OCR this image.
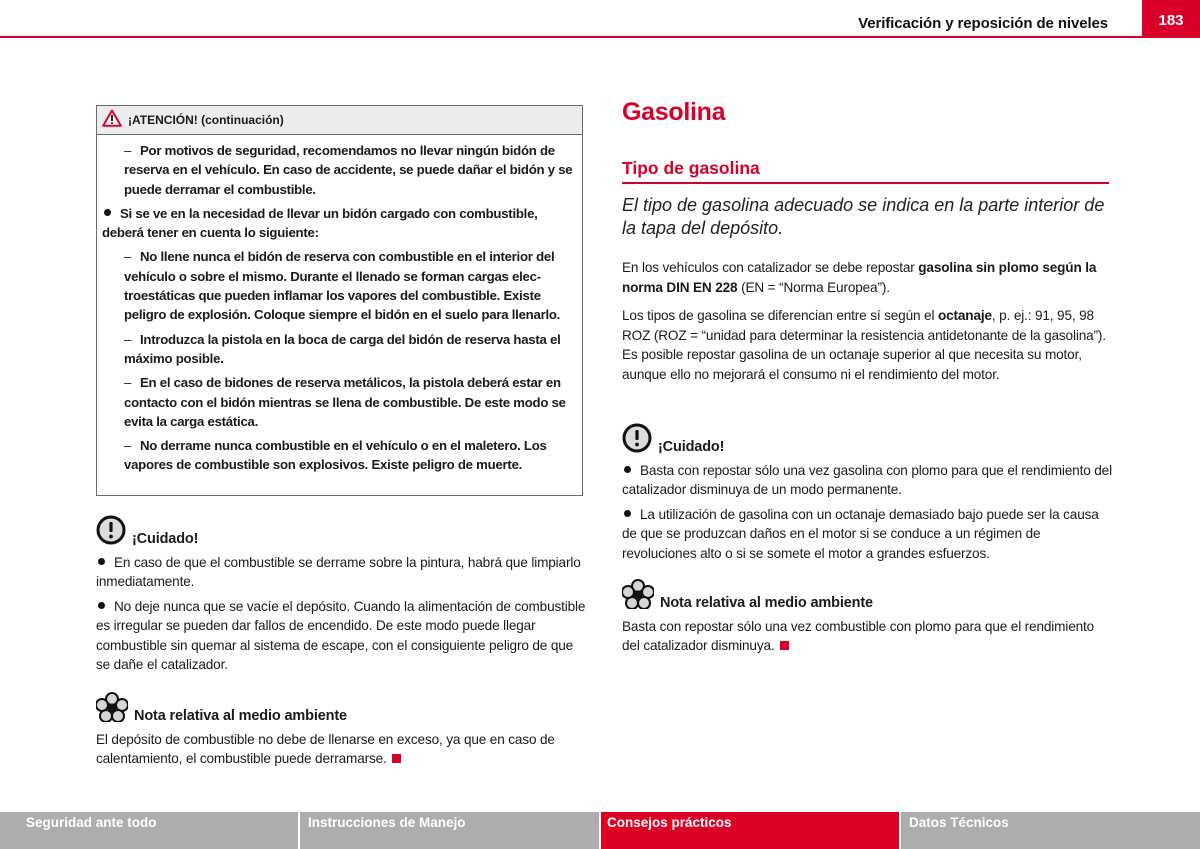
Verificación y reposición de niveles	183
¡ATENCIÓN! (continuación)
– Por motivos de seguridad, recomendamos no llevar ningún bidón de reserva en el vehículo. En caso de accidente, se puede dañar el bidón y se puede derramar el combustible.
Si se ve en la necesidad de llevar un bidón cargado con combustible, deberá tener en cuenta lo siguiente:
– No llene nunca el bidón de reserva con combustible en el interior del vehículo o sobre el mismo. Durante el llenado se forman cargas electroestáticas que pueden inflamar los vapores del combustible. Existe peligro de explosión. Coloque siempre el bidón en el suelo para llenarlo.
– Introduzca la pistola en la boca de carga del bidón de reserva hasta el máximo posible.
– En el caso de bidones de reserva metálicos, la pistola deberá estar en contacto con el bidón mientras se llena de combustible. De este modo se evita la carga estática.
– No derrame nunca combustible en el vehículo o en el maletero. Los vapores de combustible son explosivos. Existe peligro de muerte.
¡Cuidado!

En caso de que el combustible se derrame sobre la pintura, habrá que limpiarlo inmediatamente.

No deje nunca que se vacíe el depósito. Cuando la alimentación de combustible es irregular se pueden dar fallos de encendido. De este modo puede llegar combustible sin quemar al sistema de escape, con el consiguiente peligro de que se dañe el catalizador.

Nota relativa al medio ambiente

El depósito de combustible no debe de llenarse en exceso, ya que en caso de calentamiento, el combustible puede derramarse.

Gasolina
Tipo de gasolina
El tipo de gasolina adecuado se indica en la parte interior de la tapa del depósito.

En los vehículos con catalizador se debe repostar gasolina sin plomo según la norma DIN EN 228 (EN = “Norma Europea”).

Los tipos de gasolina se diferencian entre sí según el octanaje, p. ej.: 91, 95, 98 ROZ (ROZ = “unidad para determinar la resistencia antidetonante de la gasolina”). Es posible repostar gasolina de un octanaje superior al que necesita su motor, aunque ello no mejorará el consumo ni el rendimiento del motor.

¡Cuidado!

Basta con repostar sólo una vez gasolina con plomo para que el rendimiento del catalizador disminuya de un modo permanente.

La utilización de gasolina con un octanaje demasiado bajo puede ser la causa de que se produzcan daños en el motor si se conduce a un régimen de revoluciones alto o si se somete el motor a grandes esfuerzos.

Nota relativa al medio ambiente

Basta con repostar sólo una vez combustible con plomo para que el rendimiento del catalizador disminuya.

Seguridad ante todo	Instrucciones de Manejo	Consejos prácticos	Datos Técnicos
